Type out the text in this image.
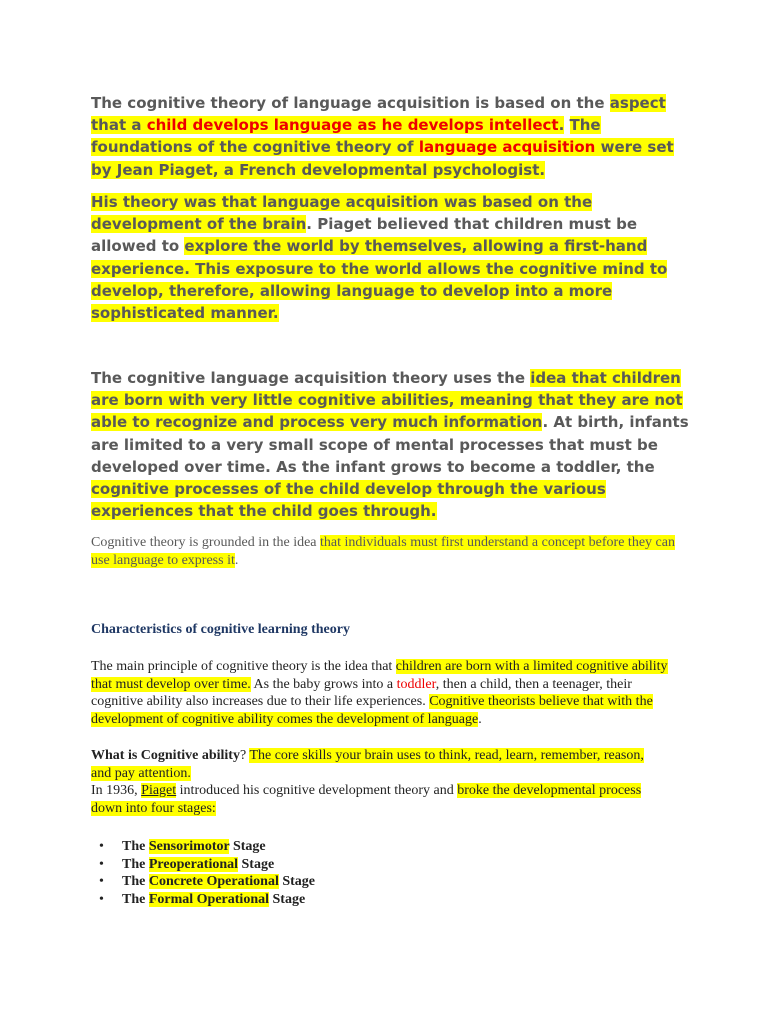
The cognitive theory of language acquisition is based on the aspect that a child develops language as he develops intellect. The foundations of the cognitive theory of language acquisition were set by Jean Piaget, a French developmental psychologist.
His theory was that language acquisition was based on the development of the brain. Piaget believed that children must be allowed to explore the world by themselves, allowing a first-hand experience. This exposure to the world allows the cognitive mind to develop, therefore, allowing language to develop into a more sophisticated manner.
The cognitive language acquisition theory uses the idea that children are born with very little cognitive abilities, meaning that they are not able to recognize and process very much information. At birth, infants are limited to a very small scope of mental processes that must be developed over time. As the infant grows to become a toddler, the cognitive processes of the child develop through the various experiences that the child goes through.
Cognitive theory is grounded in the idea that individuals must first understand a concept before they can use language to express it.
Characteristics of cognitive learning theory
The main principle of cognitive theory is the idea that children are born with a limited cognitive ability that must develop over time. As the baby grows into a toddler, then a child, then a teenager, their cognitive ability also increases due to their life experiences. Cognitive theorists believe that with the development of cognitive ability comes the development of language.
What is Cognitive ability? The core skills your brain uses to think, read, learn, remember, reason, and pay attention.
In 1936, Piaget introduced his cognitive development theory and broke the developmental process down into four stages:
• The Sensorimotor Stage
• The Preoperational Stage
• The Concrete Operational Stage
• The Formal Operational Stage
